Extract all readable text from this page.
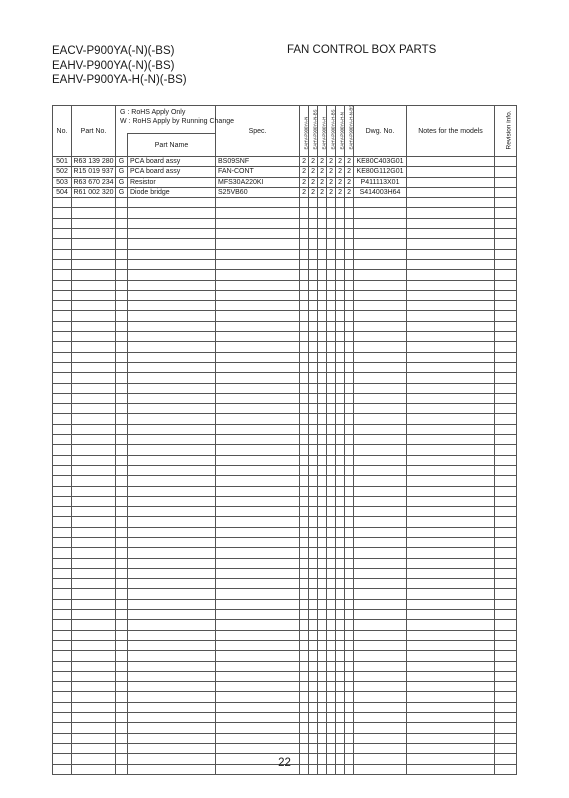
EACV-P900YA(-N)(-BS)
EAHV-P900YA(-N)(-BS)
EAHV-P900YA-H(-N)(-BS)
FAN CONTROL BOX PARTS
No.	Part No.	G : RoHS Apply Only
W : RoHS Apply by Running Change		Spec.	EAHV-P900YA-N	EAHV-P900YA-N-BS	EAHV-P900YA-H	EAHV-P900YA-H-BS	EAHV-P900YA-H-N	EAHV-P900YA-H-N-BS	Dwg. No.	Notes for the models	Revision info.

			Part Name										
501	R63 139 280	G	PCA board assy	BS09SNF	2	2	2	2	2	2	KE80C403G01		
502	R15 019 937	G	PCA board assy	FAN-CONT	2	2	2	2	2	2	KE80G112G01		
503	R63 670 234	G	Resistor	MFS30A220KI	2	2	2	2	2	2	P411113X01		
504	R61 002 320	G	Diode bridge	S25VB60	2	2	2	2	2	2	S414003H64		

22
